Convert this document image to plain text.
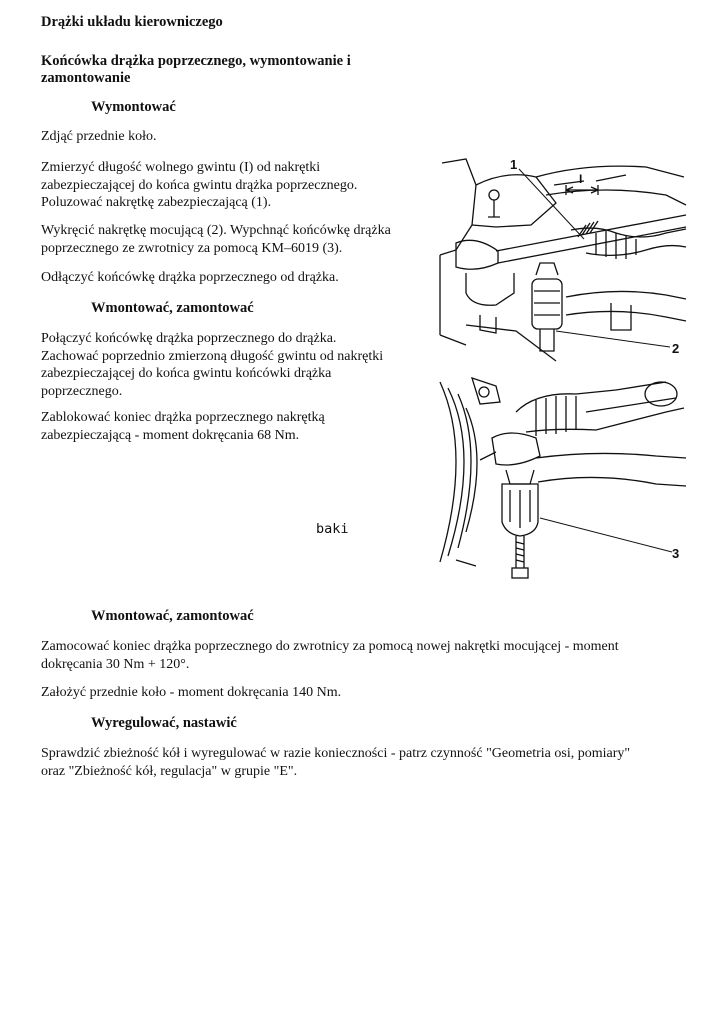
Drążki układu kierowniczego
Końcówka drążka poprzecznego, wymontowanie i zamontowanie
Wymontować

Zdjąć przednie koło.

Zmierzyć długość wolnego gwintu (I) od nakrętki
zabezpieczającej do końca gwintu drążka poprzecznego.
Poluzować nakrętkę zabezpieczającą (1).

Wykręcić nakrętkę mocującą (2). Wypchnąć końcówkę drążka
poprzecznego ze zwrotnicy za pomocą KM–6019 (3).

Odłączyć końcówkę drążka poprzecznego od drążka.

Wmontować, zamontować

Połączyć końcówkę drążka poprzecznego do drążka.
Zachować poprzednio zmierzoną długość gwintu od nakrętki
zabezpieczającej do końca gwintu końcówki drążka
poprzecznego.

Zablokować koniec drążka poprzecznego nakrętką
zabezpieczającą - moment dokręcania 68 Nm.

baki
1
I
2
3
Wmontować, zamontować

Zamocować koniec drążka poprzecznego do zwrotnicy za pomocą nowej nakrętki mocującej - moment
dokręcania 30 Nm + 120°.

Założyć przednie koło - moment dokręcania 140 Nm.

Wyregulować, nastawić

Sprawdzić zbieżność kół i wyregulować w razie konieczności - patrz czynność "Geometria osi, pomiary"
oraz "Zbieżność kół, regulacja" w grupie "E".
